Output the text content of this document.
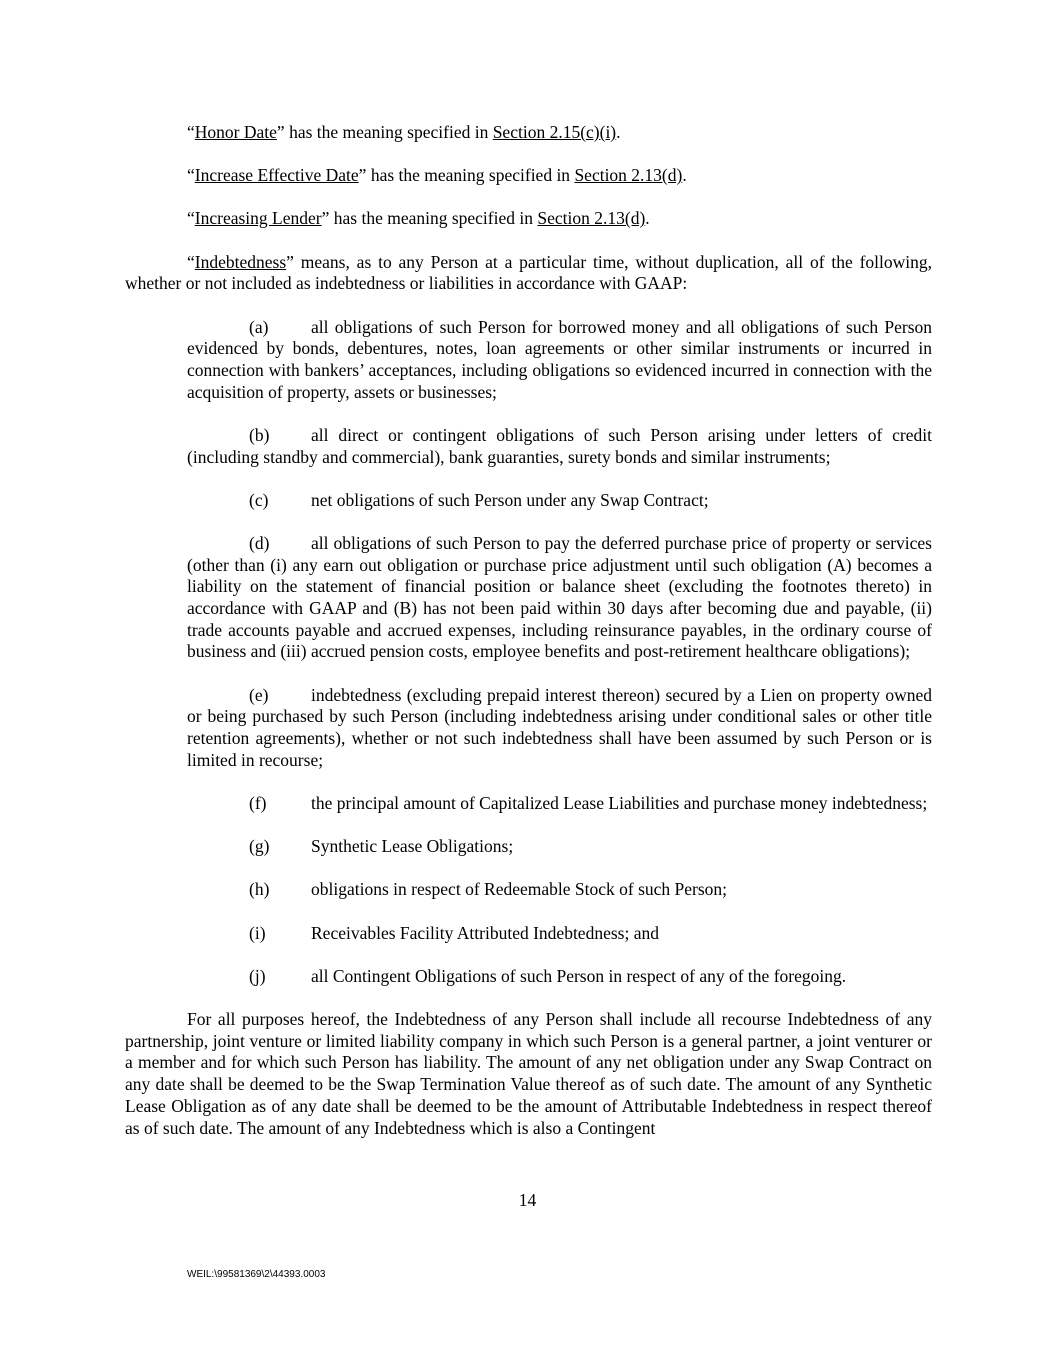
“Honor Date” has the meaning specified in Section 2.15(c)(i).

“Increase Effective Date” has the meaning specified in Section 2.13(d).

“Increasing Lender” has the meaning specified in Section 2.13(d).

“Indebtedness” means, as to any Person at a particular time, without duplication, all of the following, whether or not included as indebtedness or liabilities in accordance with GAAP:

(a) all obligations of such Person for borrowed money and all obligations of such Person evidenced by bonds, debentures, notes, loan agreements or other similar instruments or incurred in connection with bankers’ acceptances, including obligations so evidenced incurred in connection with the acquisition of property, assets or businesses;

(b) all direct or contingent obligations of such Person arising under letters of credit (including standby and commercial), bank guaranties, surety bonds and similar instruments;

(c) net obligations of such Person under any Swap Contract;

(d) all obligations of such Person to pay the deferred purchase price of property or services (other than (i) any earn out obligation or purchase price adjustment until such obligation (A) becomes a liability on the statement of financial position or balance sheet (excluding the footnotes thereto) in accordance with GAAP and (B) has not been paid within 30 days after becoming due and payable, (ii) trade accounts payable and accrued expenses, including reinsurance payables, in the ordinary course of business and (iii) accrued pension costs, employee benefits and post-retirement healthcare obligations);

(e) indebtedness (excluding prepaid interest thereon) secured by a Lien on property owned or being purchased by such Person (including indebtedness arising under conditional sales or other title retention agreements), whether or not such indebtedness shall have been assumed by such Person or is limited in recourse;

(f)	the principal amount of Capitalized Lease Liabilities and purchase money indebtedness;

(g) Synthetic Lease Obligations;

(h) obligations in respect of Redeemable Stock of such Person;

(i)	Receivables Facility Attributed Indebtedness; and

(j)	all Contingent Obligations of such Person in respect of any of the foregoing.

For all purposes hereof, the Indebtedness of any Person shall include all recourse Indebtedness of any partnership, joint venture or limited liability company in which such Person is a general partner, a joint venturer or a member and for which such Person has liability. The amount of any net obligation under any Swap Contract on any date shall be deemed to be the Swap Termination Value thereof as of such date. The amount of any Synthetic Lease Obligation as of any date shall be deemed to be the amount of Attributable Indebtedness in respect thereof as of such date. The amount of any Indebtedness which is also a Contingent

14
WEIL:\99581369\2\44393.0003
